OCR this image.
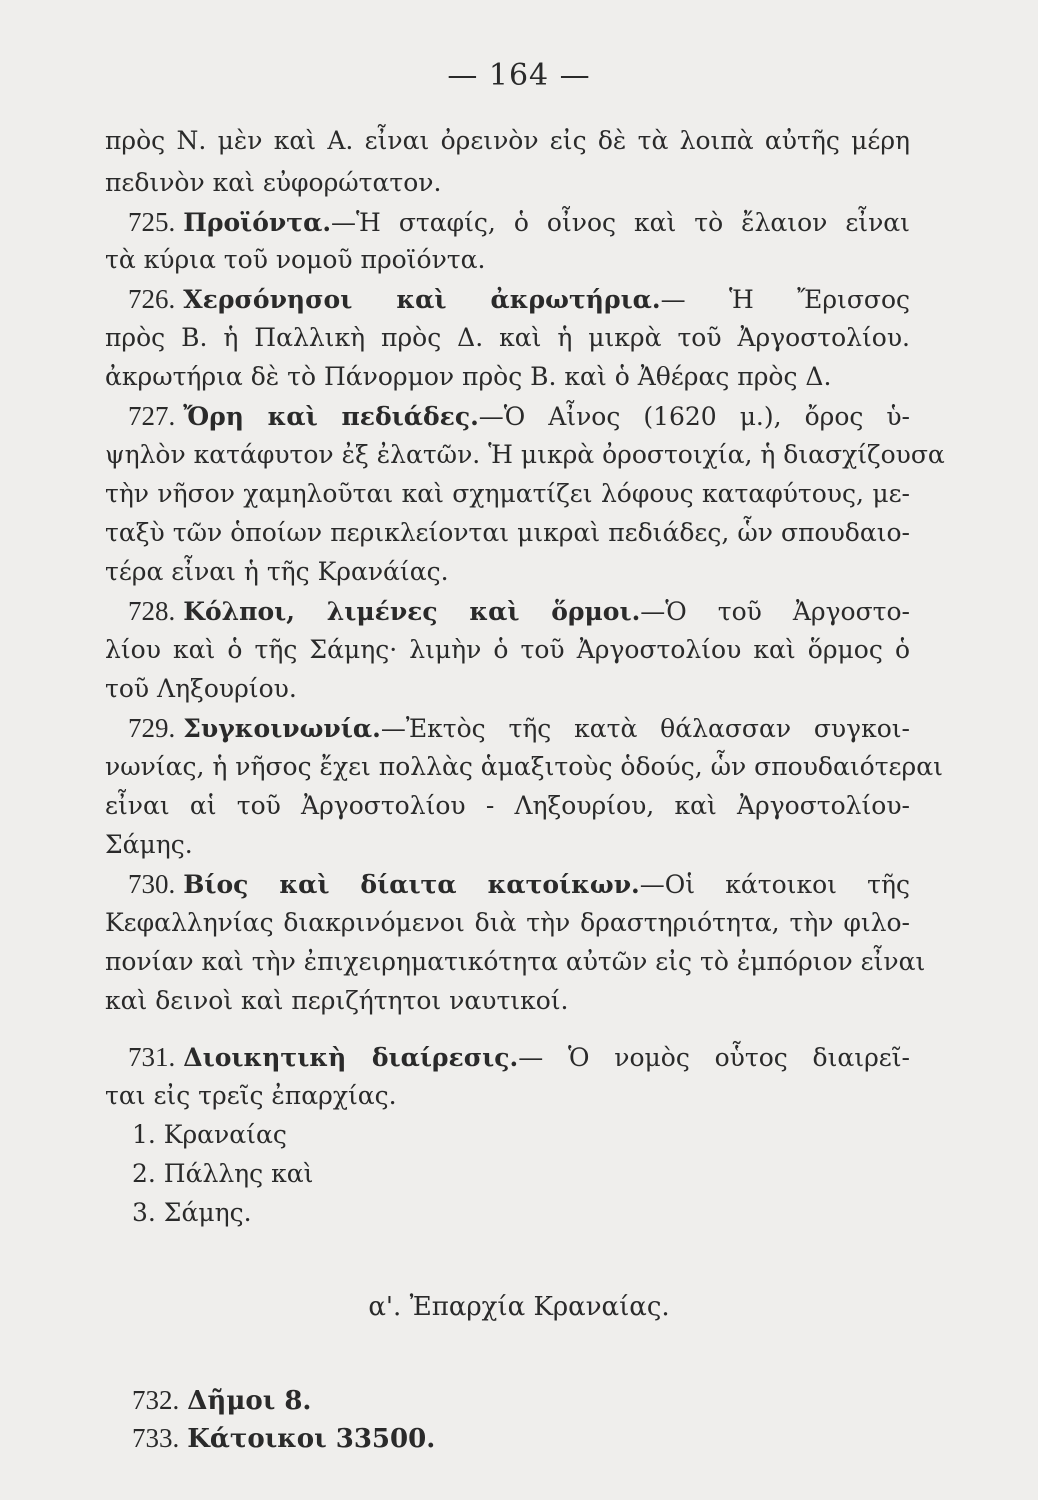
— 164 —
πρὸς Ν. μὲν καὶ Α. εἶναι ὀρεινὸν εἰς δὲ τὰ λοιπὰ αὐτῆς μέρη
πεδινὸν καὶ εὐφορώτατον.
725. Προϊόντα.—Ἡ σταφίς, ὁ οἶνος καὶ τὸ ἔλαιον εἶναι
τὰ κύρια τοῦ νομοῦ προϊόντα.
726. Χερσόνησοι καὶ ἀκρωτήρια.— Ἡ Ἔρισσος
πρὸς Β. ἡ Παλλικὴ πρὸς Δ. καὶ ἡ μικρὰ τοῦ Ἀργοστολίου.
ἀκρωτήρια δὲ τὸ Πάνορμον πρὸς Β. καὶ ὁ Ἀθέρας πρὸς Δ.
727. Ὄρη καὶ πεδιάδες.—Ὁ Αἶνος (1620 μ.), ὄρος ὑ-
ψηλὸν κατάφυτον ἐξ ἐλατῶν. Ἡ μικρὰ ὀροστοιχία, ἡ διασχίζουσα
τὴν νῆσον χαμηλοῦται καὶ σχηματίζει λόφους καταφύτους, με-
ταξὺ τῶν ὁποίων περικλείονται μικραὶ πεδιάδες, ὧν σπουδαιο-
τέρα εἶναι ἡ τῆς Κρανάίας.
728. Κόλποι, λιμένες καὶ ὅρμοι.—Ὁ τοῦ Ἀργοστο-
λίου καὶ ὁ τῆς Σάμης· λιμὴν ὁ τοῦ Ἀργοστολίου καὶ ὅρμος ὁ
τοῦ Ληξουρίου.
729. Συγκοινωνία.—Ἐκτὸς τῆς κατὰ θάλασσαν συγκοι-
νωνίας, ἡ νῆσος ἔχει πολλὰς ἁμαξιτοὺς ὁδούς, ὧν σπουδαιότεραι
εἶναι αἱ τοῦ Ἀργοστολίου - Ληξουρίου, καὶ Ἀργοστολίου-
Σάμης.
730. Βίος καὶ δίαιτα κατοίκων.—Οἱ κάτοικοι τῆς
Κεφαλληνίας διακρινόμενοι διὰ τὴν δραστηριότητα, τὴν φιλο-
πονίαν καὶ τὴν ἐπιχειρηματικότητα αὐτῶν εἰς τὸ ἐμπόριον εἶναι
καὶ δεινοὶ καὶ περιζήτητοι ναυτικοί.
731. Διοικητικὴ διαίρεσις.— Ὁ νομὸς οὗτος διαιρεῖ-
ται εἰς τρεῖς ἐπαρχίας.
1. Κραναίας
2. Πάλλης καὶ
3. Σάμης.
α'. Ἐπαρχία Κραναίας.
732. Δῆμοι 8.
733. Κάτοικοι 33500.
